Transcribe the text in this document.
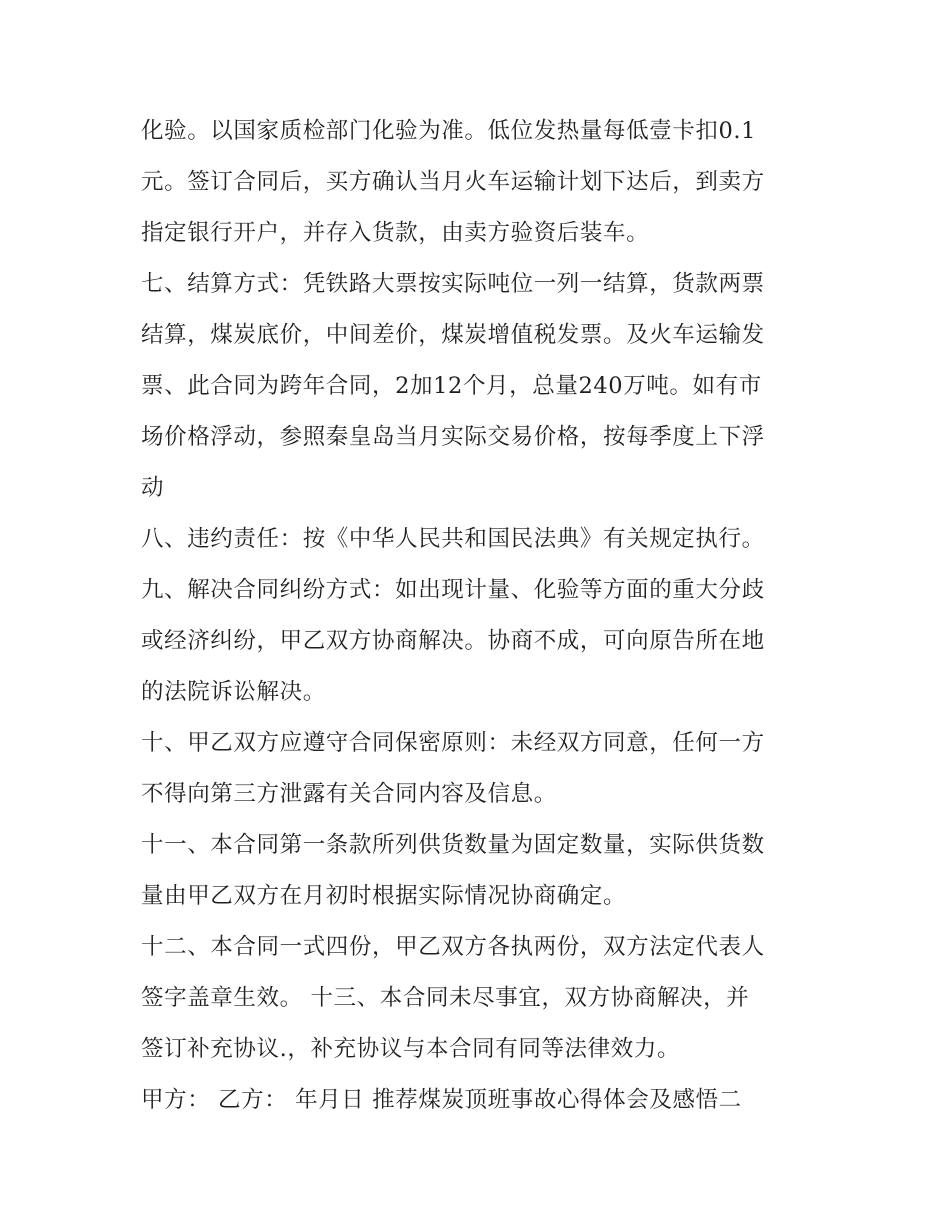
化验。以国家质检部门化验为准。低位发热量每低壹卡扣0.1
元。签订合同后，买方确认当月火车运输计划下达后，到卖方
指定银行开户，并存入货款，由卖方验资后装车。
七、结算方式：凭铁路大票按实际吨位一列一结算，货款两票
结算，煤炭底价，中间差价，煤炭增值税发票。及火车运输发
票、此合同为跨年合同，2加12个月，总量240万吨。如有市
场价格浮动，参照秦皇岛当月实际交易价格，按每季度上下浮
动
八、违约责任：按《中华人民共和国民法典》有关规定执行。
九、解决合同纠纷方式：如出现计量、化验等方面的重大分歧
或经济纠纷，甲乙双方协商解决。协商不成，可向原告所在地
的法院诉讼解决。
十、甲乙双方应遵守合同保密原则：未经双方同意，任何一方
不得向第三方泄露有关合同内容及信息。
十一、本合同第一条款所列供货数量为固定数量，实际供货数
量由甲乙双方在月初时根据实际情况协商确定。
十二、本合同一式四份，甲乙双方各执两份，双方法定代表人
签字盖章生效。 十三、本合同未尽事宜，双方协商解决，并
签订补充协议.，补充协议与本合同有同等法律效力。
甲方： 乙方： 年月日 推荐煤炭顶班事故心得体会及感悟二
